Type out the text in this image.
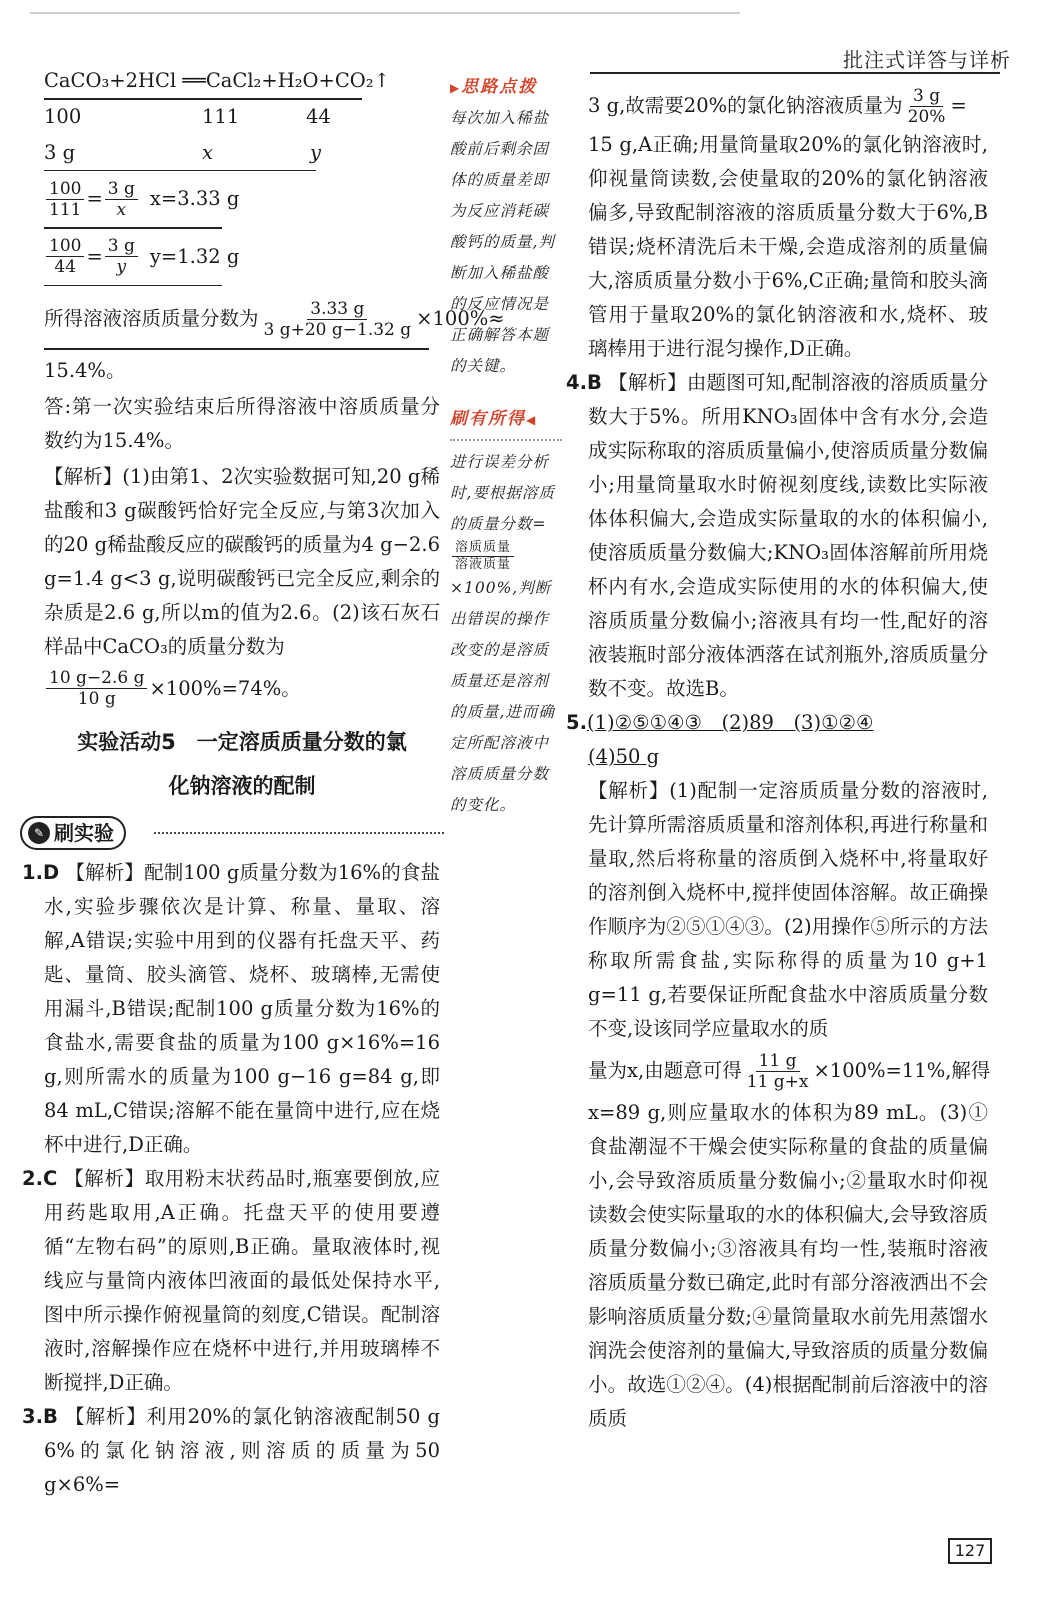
批注式详答与详析
CaCO₃+2HCl ══CaCl₂+H₂O+CO₂↑
100	111	44
3 g	x	y
$\frac{100}{111} = \frac{3 g}{x} x=3.33$ g
$\frac{100}{44} = \frac{3 g}{y} y=1.32$ g
所得溶液溶质质量分数为 $\frac{3.33 g}{3 g+20 g-1.32 g} \times 100\%\approx$
15.4%。

答:第一次实验结束后所得溶液中溶质质量分数约为15.4%。

【解析】(1)由第1、2次实验数据可知,20 g稀盐酸和3 g碳酸钙恰好完全反应,与第3次加入的20 g稀盐酸反应的碳酸钙的质量为4 g−2.6 g=1.4 g<3 g,说明碳酸钙已完全反应,剩余的杂质是2.6 g,所以m的值为2.6。(2)该石灰石样品中CaCO₃的质量分数为

$\frac{10 g-2.6 g}{10 g} \times 100\%=74\%$。
实验活动5　一定溶质质量分数的氯
化钠溶液的配制
✎ 刷实验

1.D 【解析】配制100 g质量分数为16%的食盐水,实验步骤依次是计算、称量、量取、溶解,A错误;实验中用到的仪器有托盘天平、药匙、量筒、胶头滴管、烧杯、玻璃棒,无需使用漏斗,B错误;配制100 g质量分数为16%的食盐水,需要食盐的质量为100 g×16%=16 g,则所需水的质量为100 g−16 g=84 g,即84 mL,C错误;溶解不能在量筒中进行,应在烧杯中进行,D正确。

2.C 【解析】取用粉末状药品时,瓶塞要倒放,应用药匙取用,A正确。托盘天平的使用要遵循“左物右码”的原则,B正确。量取液体时,视线应与量筒内液体凹液面的最低处保持水平,图中所示操作俯视量筒的刻度,C错误。配制溶液时,溶解操作应在烧杯中进行,并用玻璃棒不断搅拌,D正确。

3.B 【解析】利用20%的氯化钠溶液配制50 g 6%的氯化钠溶液,则溶质的质量为50 g×6%=

▶思路点拨
每次加入稀盐酸前后剩余固体的质量差即为反应消耗碳酸钙的质量,判断加入稀盐酸的反应情况是正确解答本题的关键。
刷有所得◀
进行误差分析时,要根据溶质的质量分数=
$\frac{\text{溶质质量}}{\text{溶液质量}}$
×100%,判断出错误的操作改变的是溶质质量还是溶剂的质量,进而确定所配溶液中溶质质量分数的变化。
3 g,故需要20%的氯化钠溶液质量为 $\frac{3 g}{20\%}$ =

15 g,A正确;用量筒量取20%的氯化钠溶液时,仰视量筒读数,会使量取的20%的氯化钠溶液偏多,导致配制溶液的溶质质量分数大于6%,B错误;烧杯清洗后未干燥,会造成溶剂的质量偏大,溶质质量分数小于6%,C正确;量筒和胶头滴管用于量取20%的氯化钠溶液和水,烧杯、玻璃棒用于进行混匀操作,D正确。

4.B 【解析】由题图可知,配制溶液的溶质质量分数大于5%。所用KNO₃固体中含有水分,会造成实际称取的溶质质量偏小,使溶质质量分数偏小;用量筒量取水时俯视刻度线,读数比实际液体体积偏大,会造成实际量取的水的体积偏小,使溶质质量分数偏大;KNO₃固体溶解前所用烧杯内有水,会造成实际使用的水的体积偏大,使溶质质量分数偏小;溶液具有均一性,配好的溶液装瓶时部分液体洒落在试剂瓶外,溶质质量分数不变。故选B。

5.(1)②⑤①④③　(2)89　(3)①②④
(4)50 g

【解析】(1)配制一定溶质质量分数的溶液时,先计算所需溶质质量和溶剂体积,再进行称量和量取,然后将称量的溶质倒入烧杯中,将量取好的溶剂倒入烧杯中,搅拌使固体溶解。故正确操作顺序为②⑤①④③。(2)用操作⑤所示的方法称取所需食盐,实际称得的质量为10 g+1 g=11 g,若要保证所配食盐水中溶质质量分数不变,设该同学应量取水的质

量为x,由题意可得 $\frac{11 g}{11 g+x} \times 100\%=11\%$,解得

x=89 g,则应量取水的体积为89 mL。(3)①食盐潮湿不干燥会使实际称量的食盐的质量偏小,会导致溶质质量分数偏小;②量取水时仰视读数会使实际量取的水的体积偏大,会导致溶质质量分数偏小;③溶液具有均一性,装瓶时溶液溶质质量分数已确定,此时有部分溶液洒出不会影响溶质质量分数;④量筒量取水前先用蒸馏水润洗会使溶剂的量偏大,导致溶质的质量分数偏小。故选①②④。(4)根据配制前后溶液中的溶质质

127
